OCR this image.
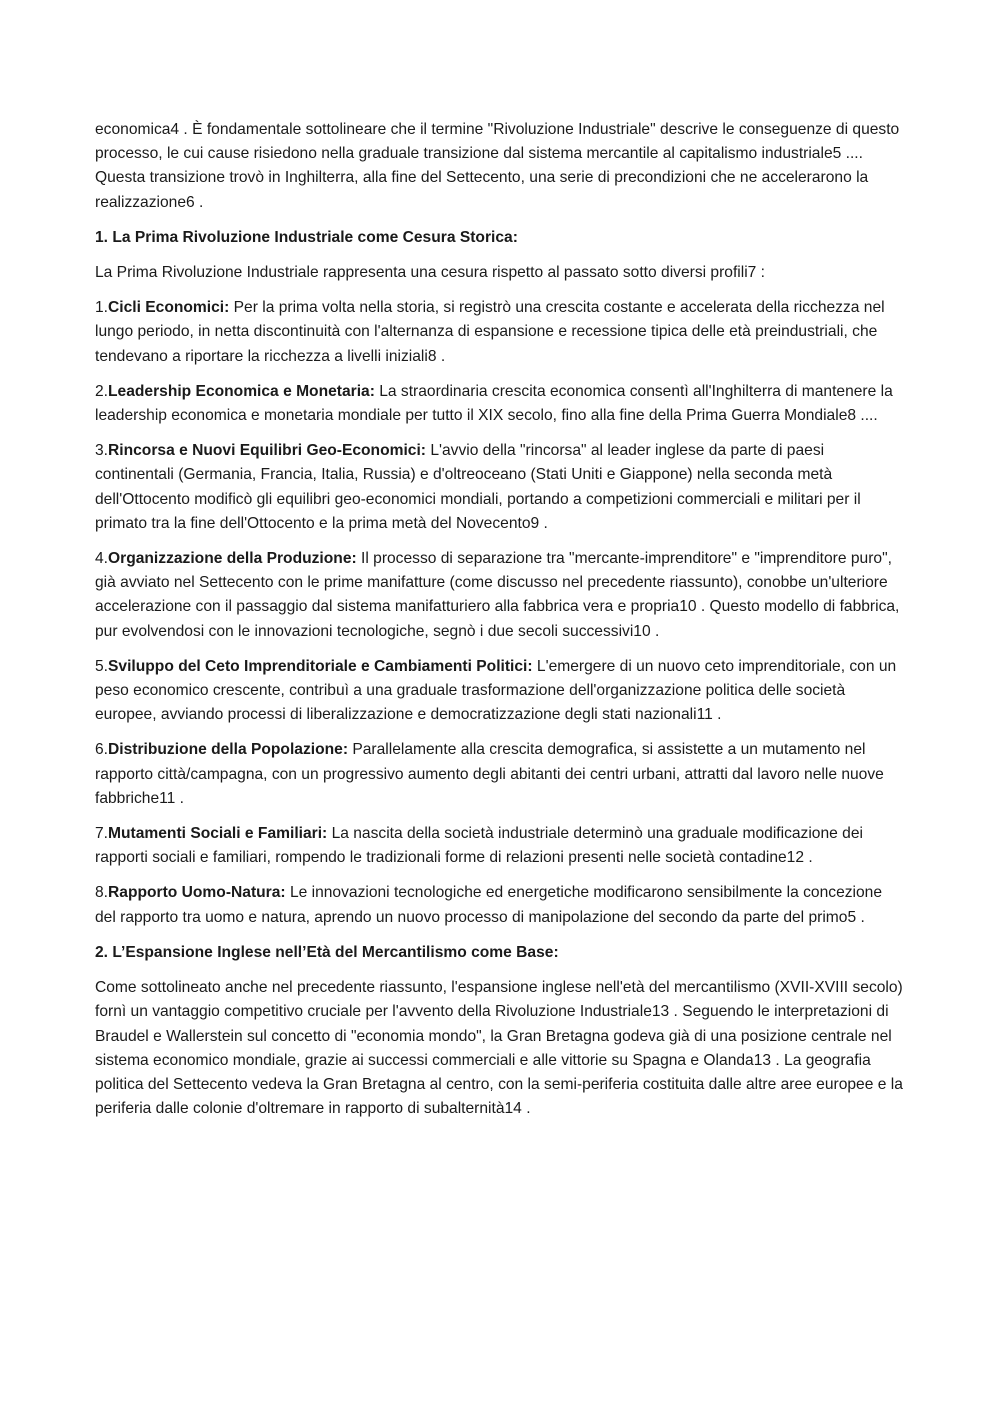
economica4 . È fondamentale sottolineare che il termine "Rivoluzione Industriale" descrive le conseguenze di questo processo, le cui cause risiedono nella graduale transizione dal sistema mercantile al capitalismo industriale5 .... Questa transizione trovò in Inghilterra, alla fine del Settecento, una serie di precondizioni che ne accelerarono la realizzazione6 .

1. La Prima Rivoluzione Industriale come Cesura Storica:

La Prima Rivoluzione Industriale rappresenta una cesura rispetto al passato sotto diversi profili7 :

1.Cicli Economici: Per la prima volta nella storia, si registrò una crescita costante e accelerata della ricchezza nel lungo periodo, in netta discontinuità con l'alternanza di espansione e recessione tipica delle età preindustriali, che tendevano a riportare la ricchezza a livelli iniziali8 .

2.Leadership Economica e Monetaria: La straordinaria crescita economica consentì all'Inghilterra di mantenere la leadership economica e monetaria mondiale per tutto il XIX secolo, fino alla fine della Prima Guerra Mondiale8 ....

3.Rincorsa e Nuovi Equilibri Geo-Economici: L'avvio della "rincorsa" al leader inglese da parte di paesi continentali (Germania, Francia, Italia, Russia) e d'oltreoceano (Stati Uniti e Giappone) nella seconda metà dell'Ottocento modificò gli equilibri geo-economici mondiali, portando a competizioni commerciali e militari per il primato tra la fine dell'Ottocento e la prima metà del Novecento9 .

4.Organizzazione della Produzione: Il processo di separazione tra "mercante-imprenditore" e "imprenditore puro", già avviato nel Settecento con le prime manifatture (come discusso nel precedente riassunto), conobbe un'ulteriore accelerazione con il passaggio dal sistema manifatturiero alla fabbrica vera e propria10 . Questo modello di fabbrica, pur evolvendosi con le innovazioni tecnologiche, segnò i due secoli successivi10 .

5.Sviluppo del Ceto Imprenditoriale e Cambiamenti Politici: L'emergere di un nuovo ceto imprenditoriale, con un peso economico crescente, contribuì a una graduale trasformazione dell'organizzazione politica delle società europee, avviando processi di liberalizzazione e democratizzazione degli stati nazionali11 .

6.Distribuzione della Popolazione: Parallelamente alla crescita demografica, si assistette a un mutamento nel rapporto città/campagna, con un progressivo aumento degli abitanti dei centri urbani, attratti dal lavoro nelle nuove fabbriche11 .

7.Mutamenti Sociali e Familiari: La nascita della società industriale determinò una graduale modificazione dei rapporti sociali e familiari, rompendo le tradizionali forme di relazioni presenti nelle società contadine12 .

8.Rapporto Uomo-Natura: Le innovazioni tecnologiche ed energetiche modificarono sensibilmente la concezione del rapporto tra uomo e natura, aprendo un nuovo processo di manipolazione del secondo da parte del primo5 .

2. L’Espansione Inglese nell’Età del Mercantilismo come Base:

Come sottolineato anche nel precedente riassunto, l'espansione inglese nell'età del mercantilismo (XVII-XVIII secolo) fornì un vantaggio competitivo cruciale per l'avvento della Rivoluzione Industriale13 . Seguendo le interpretazioni di Braudel e Wallerstein sul concetto di "economia mondo", la Gran Bretagna godeva già di una posizione centrale nel sistema economico mondiale, grazie ai successi commerciali e alle vittorie su Spagna e Olanda13 . La geografia politica del Settecento vedeva la Gran Bretagna al centro, con la semi-periferia costituita dalle altre aree europee e la periferia dalle colonie d'oltremare in rapporto di subalternità14 .
